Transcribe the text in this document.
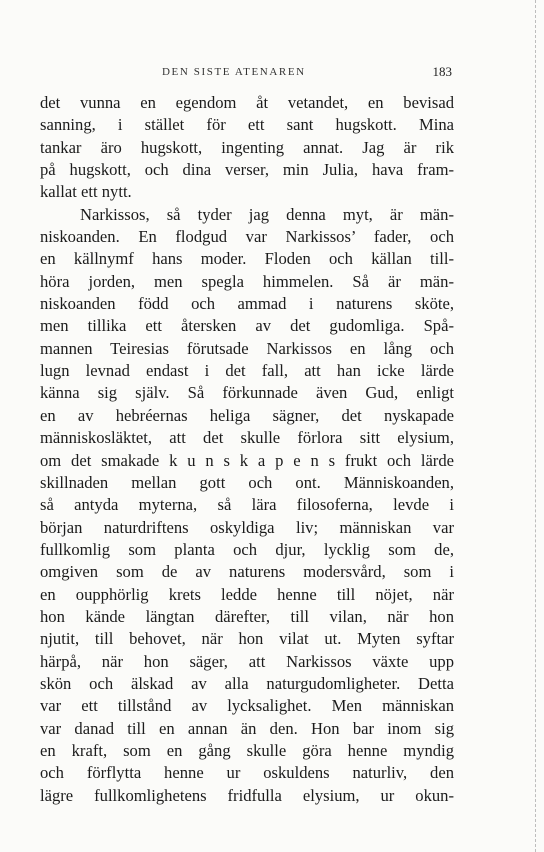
DEN SISTE ATENAREN	183
det vunna en egendom åt vetandet, en bevisad
sanning, i stället för ett sant hugskott. Mina
tankar äro hugskott, ingenting annat. Jag är rik
på hugskott, och dina verser, min Julia, hava fram-
kallat ett nytt.
Narkissos, så tyder jag denna myt, är män-
niskoanden. En flodgud var Narkissos’ fader, och
en källnymf hans moder. Floden och källan till-
höra jorden, men spegla himmelen. Så är män-
niskoanden född och ammad i naturens sköte,
men tillika ett återsken av det gudomliga. Spå-
mannen Teiresias förutsade Narkissos en lång och
lugn levnad endast i det fall, att han icke lärde
känna sig själv. Så förkunnade även Gud, enligt
en av hebréernas heliga sägner, det nyskapade
människosläktet, att det skulle förlora sitt elysium,
om det smakade k u n s k a p e n s frukt och lärde
skillnaden mellan gott och ont. Människoanden,
så antyda myterna, så lära filosoferna, levde i
början naturdriftens oskyldiga liv; människan var
fullkomlig som planta och djur, lycklig som de,
omgiven som de av naturens modersvård, som i
en oupphörlig krets ledde henne till nöjet, när
hon kände längtan därefter, till vilan, när hon
njutit, till behovet, när hon vilat ut. Myten syftar
härpå, när hon säger, att Narkissos växte upp
skön och älskad av alla naturgudomligheter. Detta
var ett tillstånd av lycksalighet. Men människan
var danad till en annan än den. Hon bar inom sig
en kraft, som en gång skulle göra henne myndig
och förflytta henne ur oskuldens naturliv, den
lägre fullkomlighetens fridfulla elysium, ur okun-
